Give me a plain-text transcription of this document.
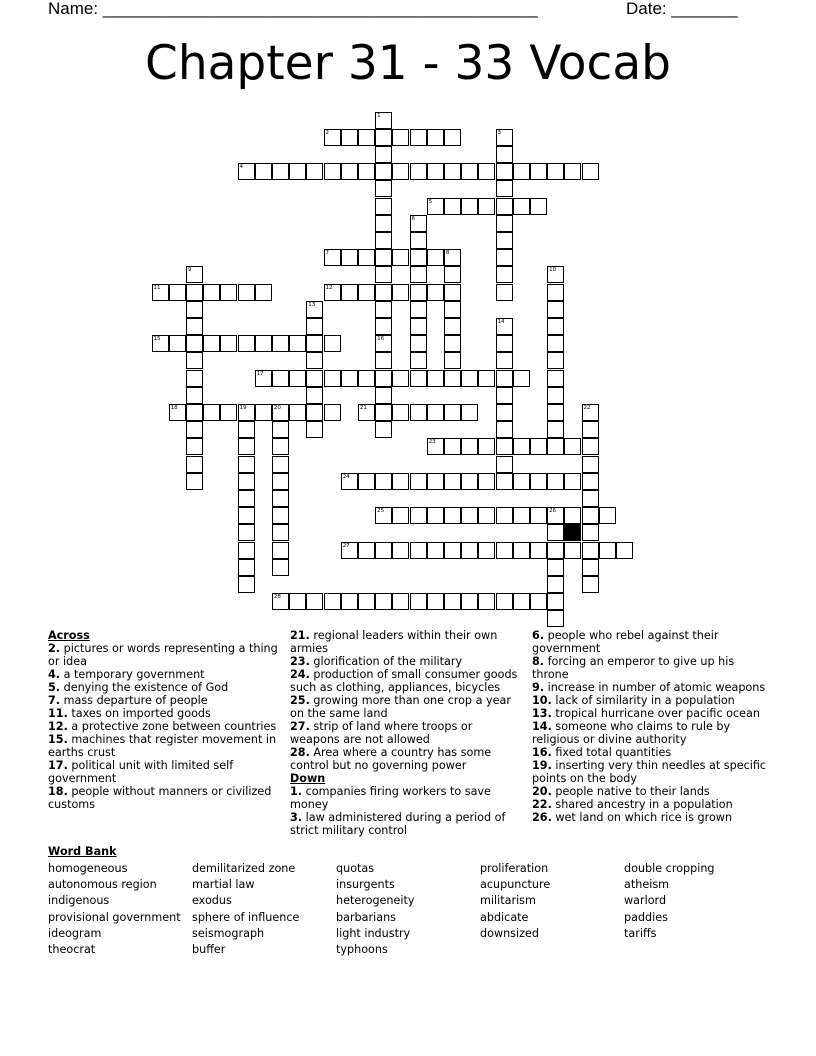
Name: ______________________________________________	Date: _______
Chapter 31 - 33 Vocab
2
4
5
7	8
11	12
15
17
18	19	20	21
23
24
25	26
27
28
1
16
3
6
9	10
13
14
22
Across
2. pictures or words representing a thing or idea
4. a temporary government
5. denying the existence of God
7. mass departure of people
11. taxes on imported goods
12. a protective zone between countries
15. machines that register movement in earths crust
17. political unit with limited self government
18. people without manners or civilized customs
21. regional leaders within their own armies
23. glorification of the military
24. production of small consumer goods such as clothing, appliances, bicycles
25. growing more than one crop a year on the same land
27. strip of land where troops or weapons are not allowed
28. Area where a country has some control but no governing power
Down
1. companies firing workers to save money
3. law administered during a period of strict military control
6. people who rebel against their government
8. forcing an emperor to give up his throne
9. increase in number of atomic weapons
10. lack of similarity in a population
13. tropical hurricane over pacific ocean
14. someone who claims to rule by religious or divine authority
16. fixed total quantities
19. inserting very thin needles at specific points on the body
20. people native to their lands
22. shared ancestry in a population
26. wet land on which rice is grown
Word Bank
homogeneous
autonomous region
indigenous
provisional government
ideogram
theocrat
demilitarized zone
martial law
exodus
sphere of influence
seismograph
buffer
quotas
insurgents
heterogeneity
barbarians
light industry
typhoons
proliferation
acupuncture
militarism
abdicate
downsized
double cropping
atheism
warlord
paddies
tariffs
